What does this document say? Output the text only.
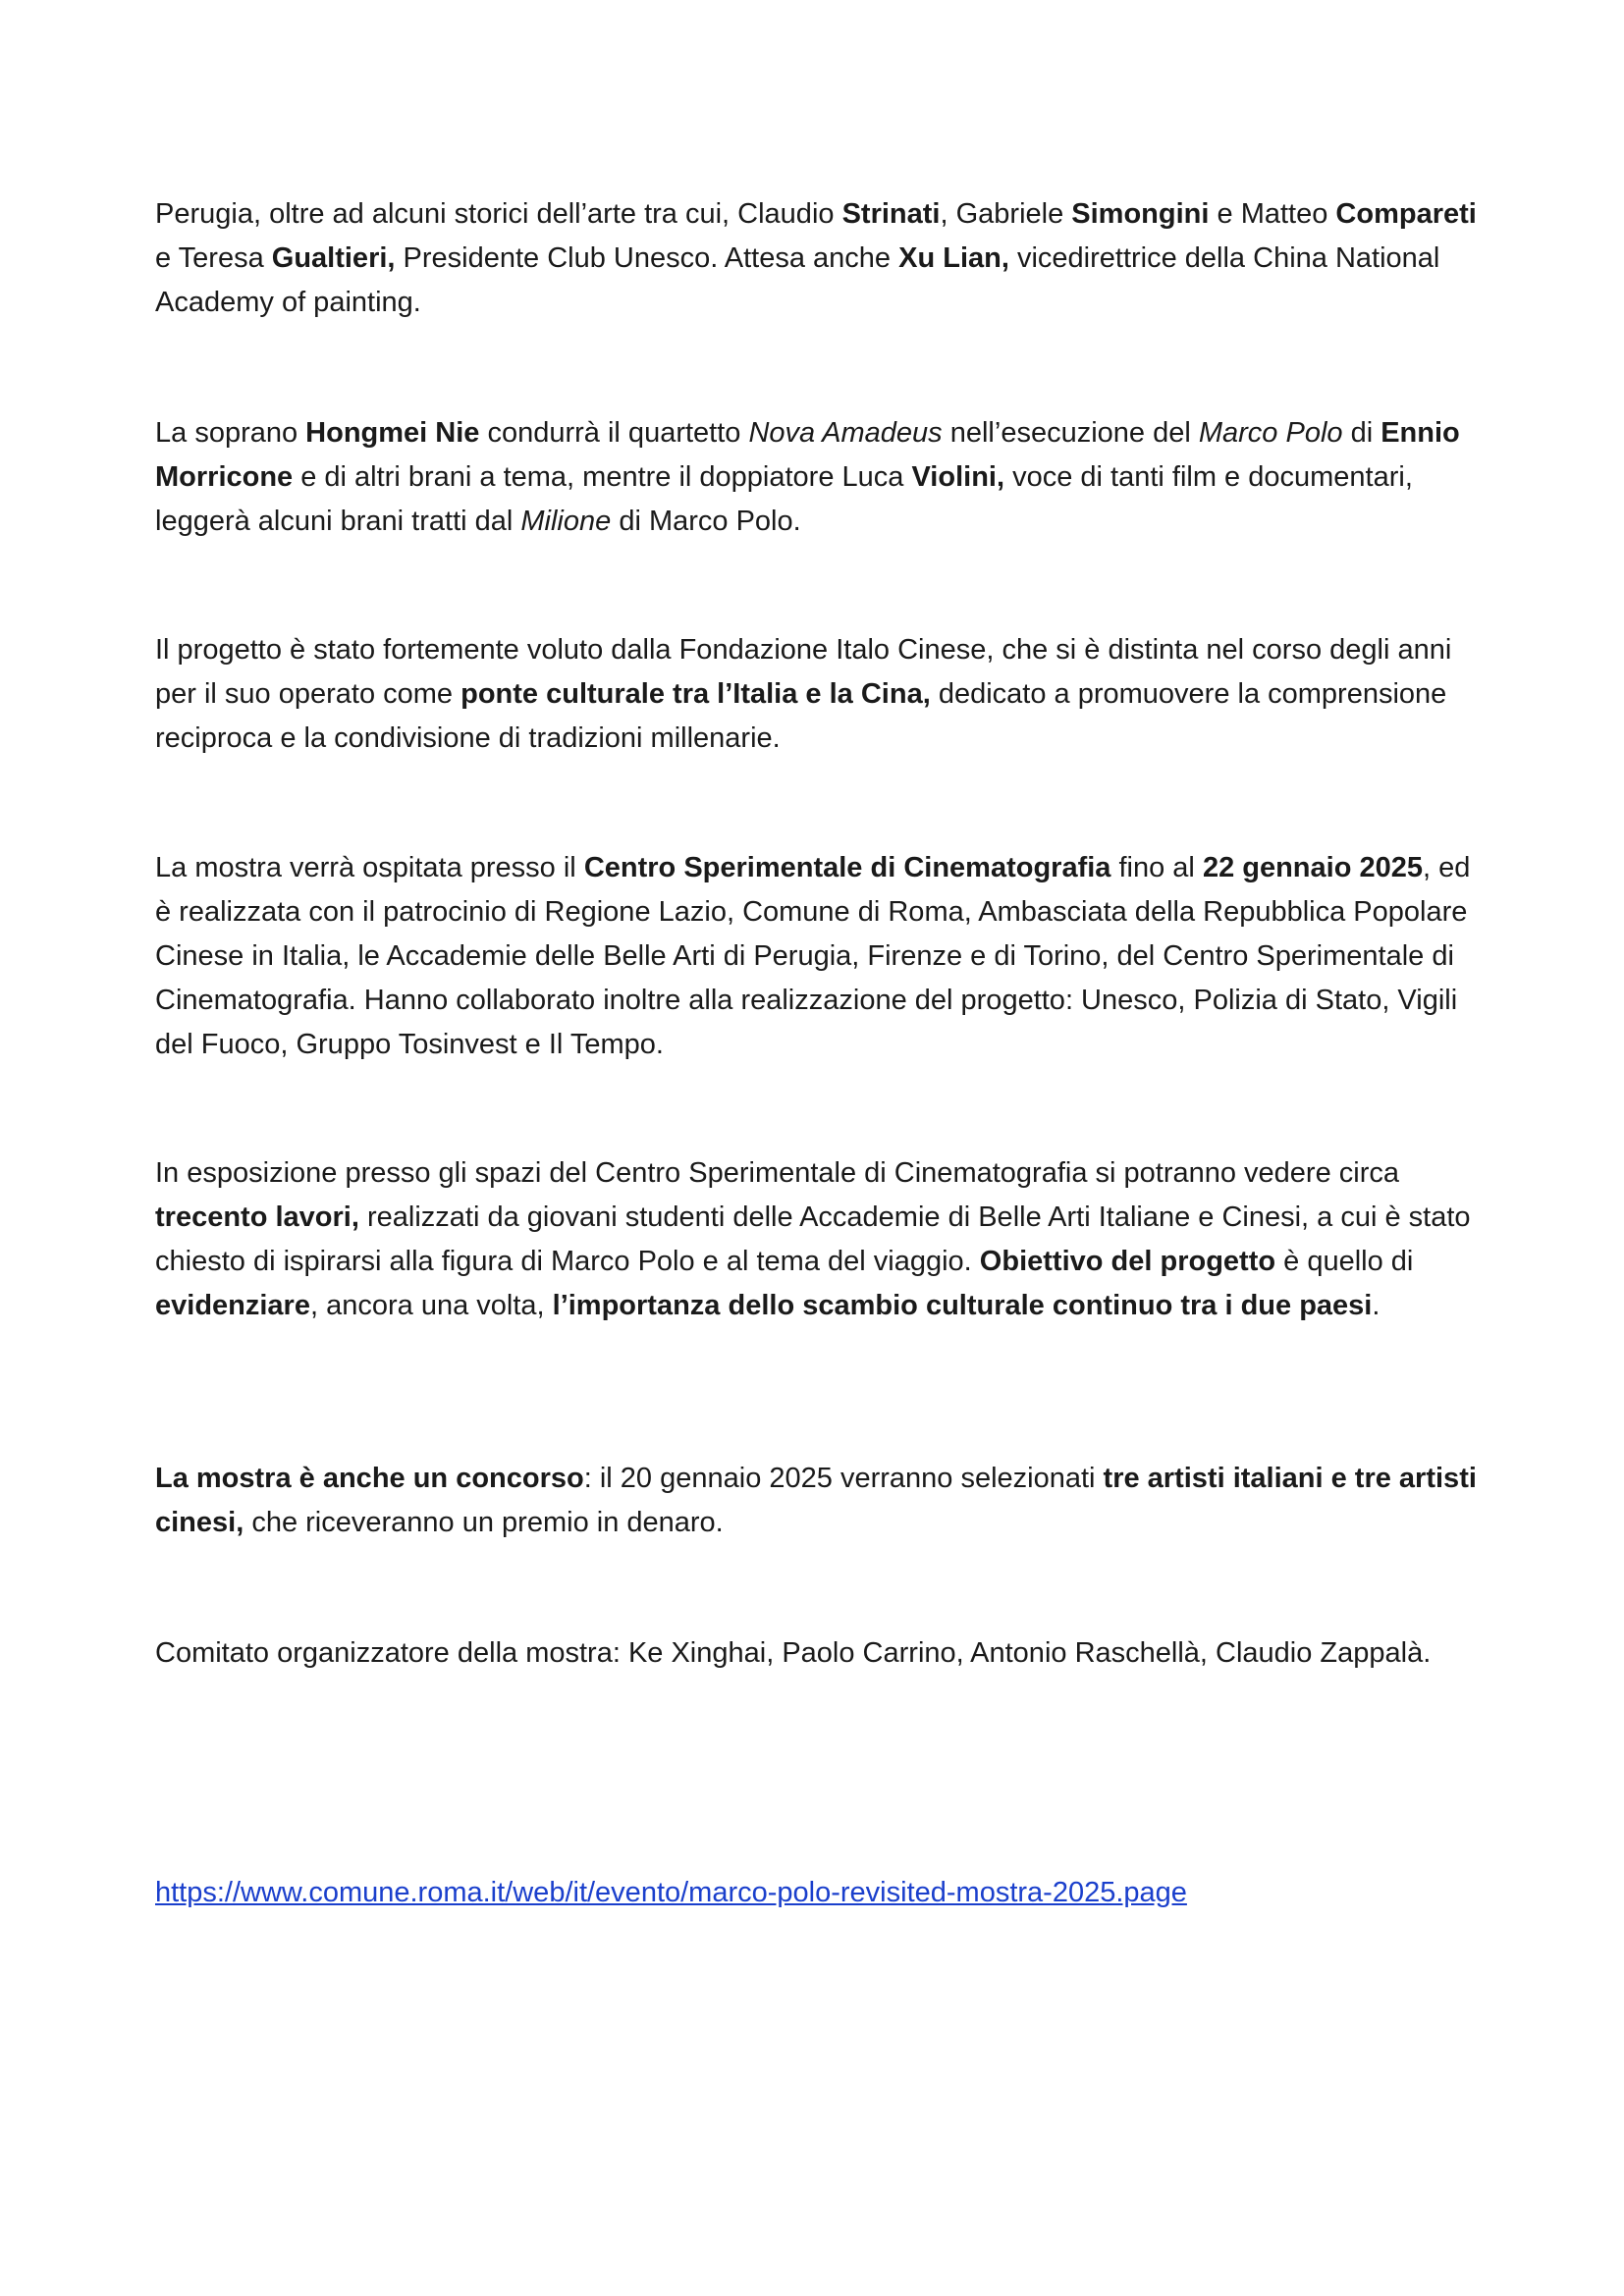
Perugia, oltre ad alcuni storici dell’arte tra cui, Claudio Strinati, Gabriele Simongini e Matteo Compareti e Teresa Gualtieri, Presidente Club Unesco. Attesa anche Xu Lian, vicedirettrice della China National Academy of painting.

La soprano Hongmei Nie condurrà il quartetto Nova Amadeus nell’esecuzione del Marco Polo di Ennio Morricone e di altri brani a tema, mentre il doppiatore Luca Violini, voce di tanti film e documentari, leggerà alcuni brani tratti dal Milione di Marco Polo.

Il progetto è stato fortemente voluto dalla Fondazione Italo Cinese, che si è distinta nel corso degli anni per il suo operato come ponte culturale tra l’Italia e la Cina, dedicato a promuovere la comprensione reciproca e la condivisione di tradizioni millenarie.

La mostra verrà ospitata presso il Centro Sperimentale di Cinematografia fino al 22 gennaio 2025, ed è realizzata con il patrocinio di Regione Lazio, Comune di Roma, Ambasciata della Repubblica Popolare Cinese in Italia, le Accademie delle Belle Arti di Perugia, Firenze e di Torino, del Centro Sperimentale di Cinematografia. Hanno collaborato inoltre alla realizzazione del progetto: Unesco, Polizia di Stato, Vigili del Fuoco, Gruppo Tosinvest e Il Tempo.

In esposizione presso gli spazi del Centro Sperimentale di Cinematografia si potranno vedere circa trecento lavori, realizzati da giovani studenti delle Accademie di Belle Arti Italiane e Cinesi, a cui è stato chiesto di ispirarsi alla figura di Marco Polo e al tema del viaggio. Obiettivo del progetto è quello di evidenziare, ancora una volta, l’importanza dello scambio culturale continuo tra i due paesi.

La mostra è anche un concorso: il 20 gennaio 2025 verranno selezionati tre artisti italiani e tre artisti cinesi, che riceveranno un premio in denaro.

Comitato organizzatore della mostra: Ke Xinghai, Paolo Carrino, Antonio Raschellà, Claudio Zappalà.

https://www.comune.roma.it/web/it/evento/marco-polo-revisited-mostra-2025.page
